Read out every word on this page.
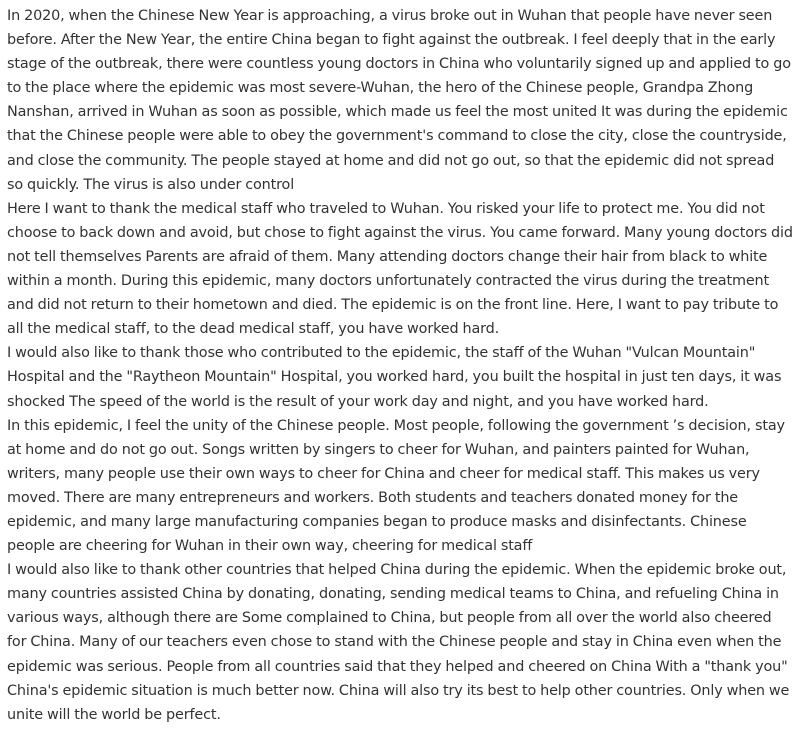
In 2020, when the Chinese New Year is approaching, a virus broke out in Wuhan that people have never seen before. After the New Year, the entire China began to fight against the outbreak. I feel deeply that in the early stage of the outbreak, there were countless young doctors in China who voluntarily signed up and applied to go to the place where the epidemic was most severe-Wuhan, the hero of the Chinese people, Grandpa Zhong Nanshan, arrived in Wuhan as soon as possible, which made us feel the most united It was during the epidemic that the Chinese people were able to obey the government's command to close the city, close the countryside, and close the community. The people stayed at home and did not go out, so that the epidemic did not spread so quickly. The virus is also under control

Here I want to thank the medical staff who traveled to Wuhan. You risked your life to protect me. You did not choose to back down and avoid, but chose to fight against the virus. You came forward. Many young doctors did not tell themselves Parents are afraid of them. Many attending doctors change their hair from black to white within a month. During this epidemic, many doctors unfortunately contracted the virus during the treatment and did not return to their hometown and died. The epidemic is on the front line. Here, I want to pay tribute to all the medical staff, to the dead medical staff, you have worked hard.

I would also like to thank those who contributed to the epidemic, the staff of the Wuhan "Vulcan Mountain" Hospital and the "Raytheon Mountain" Hospital, you worked hard, you built the hospital in just ten days, it was shocked The speed of the world is the result of your work day and night, and you have worked hard.

In this epidemic, I feel the unity of the Chinese people. Most people, following the government ’s decision, stay at home and do not go out. Songs written by singers to cheer for Wuhan, and painters painted for Wuhan, writers, many people use their own ways to cheer for China and cheer for medical staff. This makes us very moved. There are many entrepreneurs and workers. Both students and teachers donated money for the epidemic, and many large manufacturing companies began to produce masks and disinfectants. Chinese people are cheering for Wuhan in their own way, cheering for medical staff

I would also like to thank other countries that helped China during the epidemic. When the epidemic broke out, many countries assisted China by donating, donating, sending medical teams to China, and refueling China in various ways, although there are Some complained to China, but people from all over the world also cheered for China. Many of our teachers even chose to stand with the Chinese people and stay in China even when the epidemic was serious. People from all countries said that they helped and cheered on China With a "thank you" China's epidemic situation is much better now. China will also try its best to help other countries. Only when we unite will the world be perfect.
